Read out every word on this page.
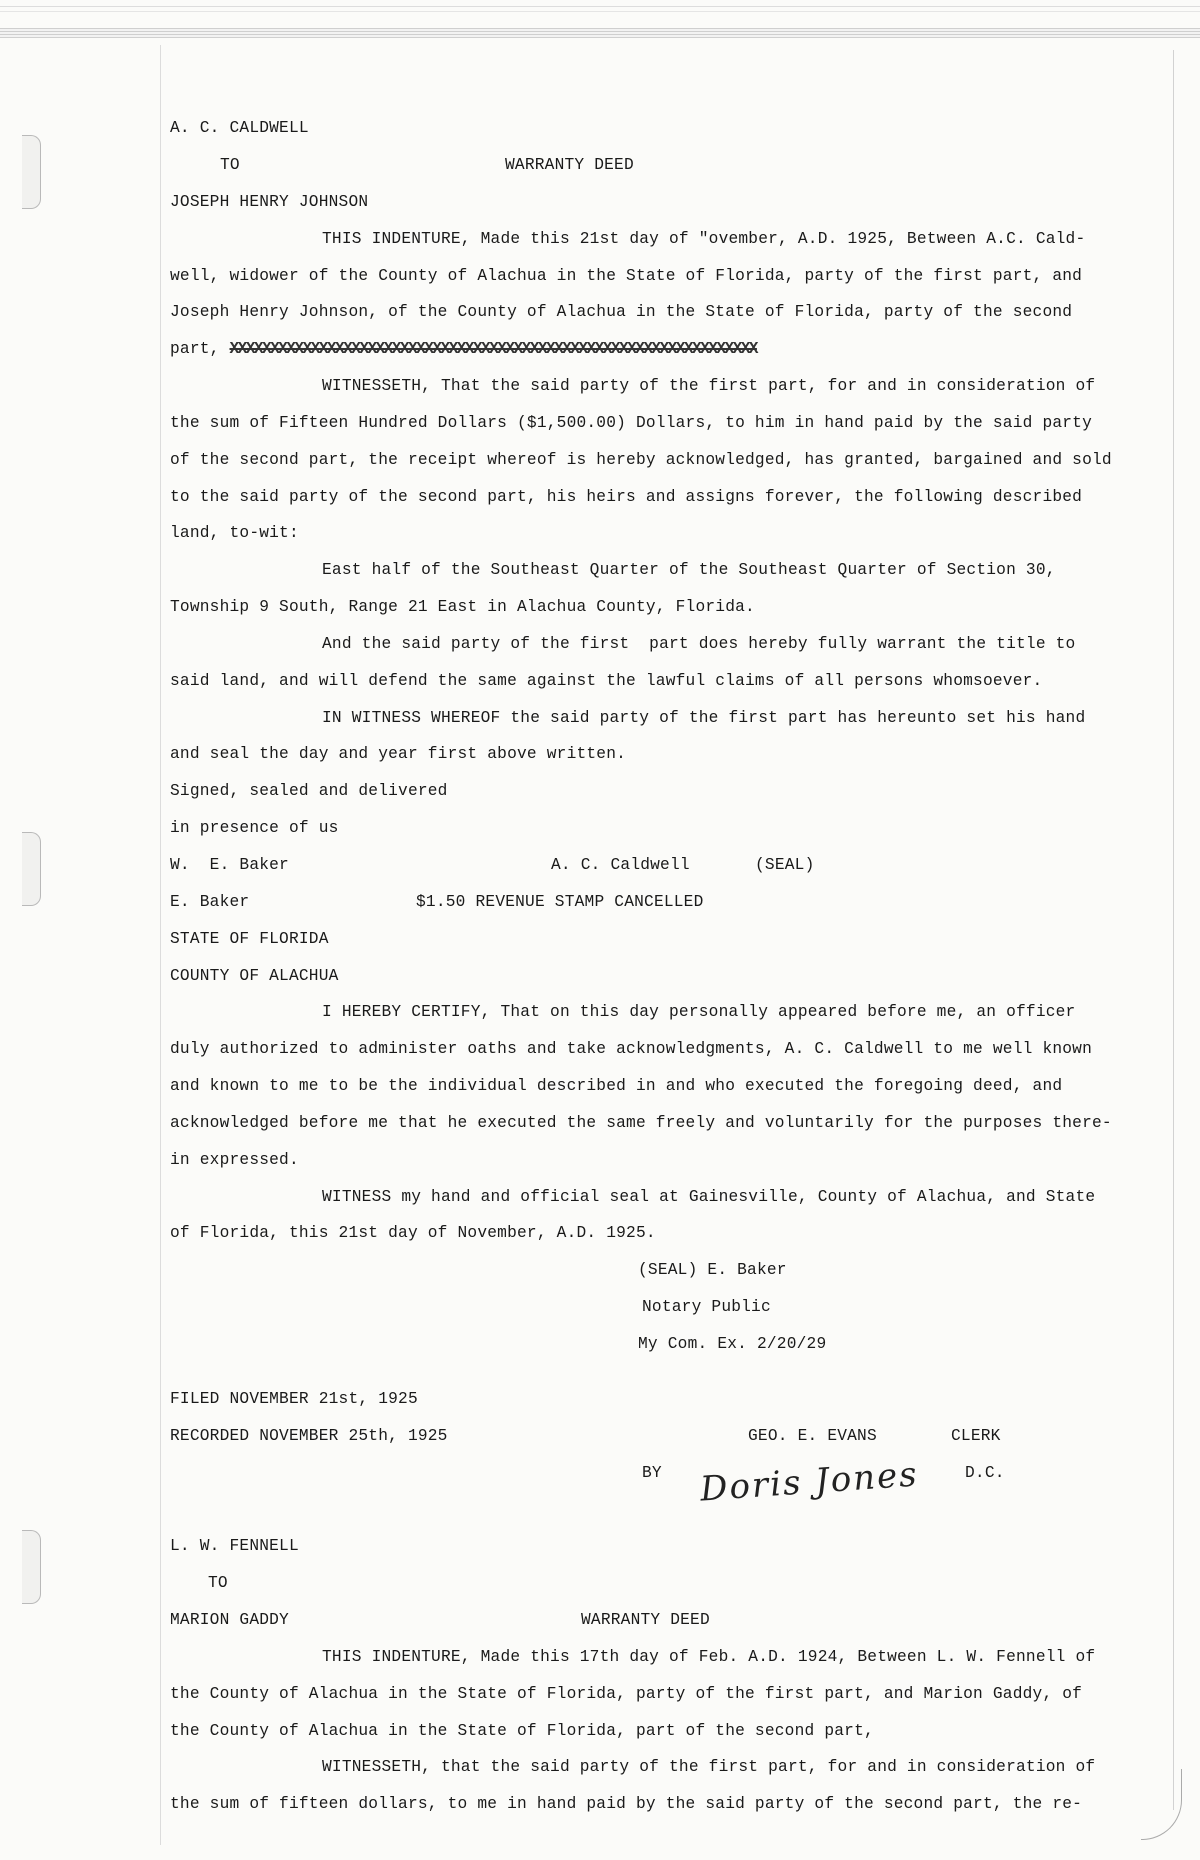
A. C. CALDWELL
TO	WARRANTY DEED
JOSEPH HENRY JOHNSON
THIS INDENTURE, Made this 21st day of "ovember, A.D. 1925, Between A.C. Cald-
well, widower of the County of Alachua in the State of Florida, party of the first part, and
Joseph Henry Johnson, of the County of Alachua in the State of Florida, party of the second
part, XXXXXXXXXXXXXXXXXXXXXXXXXXXXXXXXXXXXXXXXXXXXXXXXXXXXXXXXXXXXXXXXX
WITNESSETH, That the said party of the first part, for and in consideration of
the sum of Fifteen Hundred Dollars ($1,500.00) Dollars, to him in hand paid by the said party
of the second part, the receipt whereof is hereby acknowledged, has granted, bargained and sold
to the said party of the second part, his heirs and assigns forever, the following described
land, to-wit:
East half of the Southeast Quarter of the Southeast Quarter of Section 30,
Township 9 South, Range 21 East in Alachua County, Florida.
And the said party of the first  part does hereby fully warrant the title to
said land, and will defend the same against the lawful claims of all persons whomsoever.
IN WITNESS WHEREOF the said party of the first part has hereunto set his hand
and seal the day and year first above written.
Signed, sealed and delivered
in presence of us
W.  E. Baker	A. C. Caldwell	(SEAL)
E. Baker	$1.50 REVENUE STAMP CANCELLED
STATE OF FLORIDA
COUNTY OF ALACHUA
I HEREBY CERTIFY, That on this day personally appeared before me, an officer
duly authorized to administer oaths and take acknowledgments, A. C. Caldwell to me well known
and known to me to be the individual described in and who executed the foregoing deed, and
acknowledged before me that he executed the same freely and voluntarily for the purposes there-
in expressed.
WITNESS my hand and official seal at Gainesville, County of Alachua, and State
of Florida, this 21st day of November, A.D. 1925.
(SEAL) E. Baker
Notary Public
My Com. Ex. 2/20/29
FILED NOVEMBER 21st, 1925
RECORDED NOVEMBER 25th, 1925	GEO. E. EVANS	CLERK
BY Doris Jones	D.C.
L. W. FENNELL
TO
MARION GADDY	WARRANTY DEED
THIS INDENTURE, Made this 17th day of Feb. A.D. 1924, Between L. W. Fennell of
the County of Alachua in the State of Florida, party of the first part, and Marion Gaddy, of
the County of Alachua in the State of Florida, part of the second part,
WITNESSETH, that the said party of the first part, for and in consideration of
the sum of fifteen dollars, to me in hand paid by the said party of the second part, the re-
